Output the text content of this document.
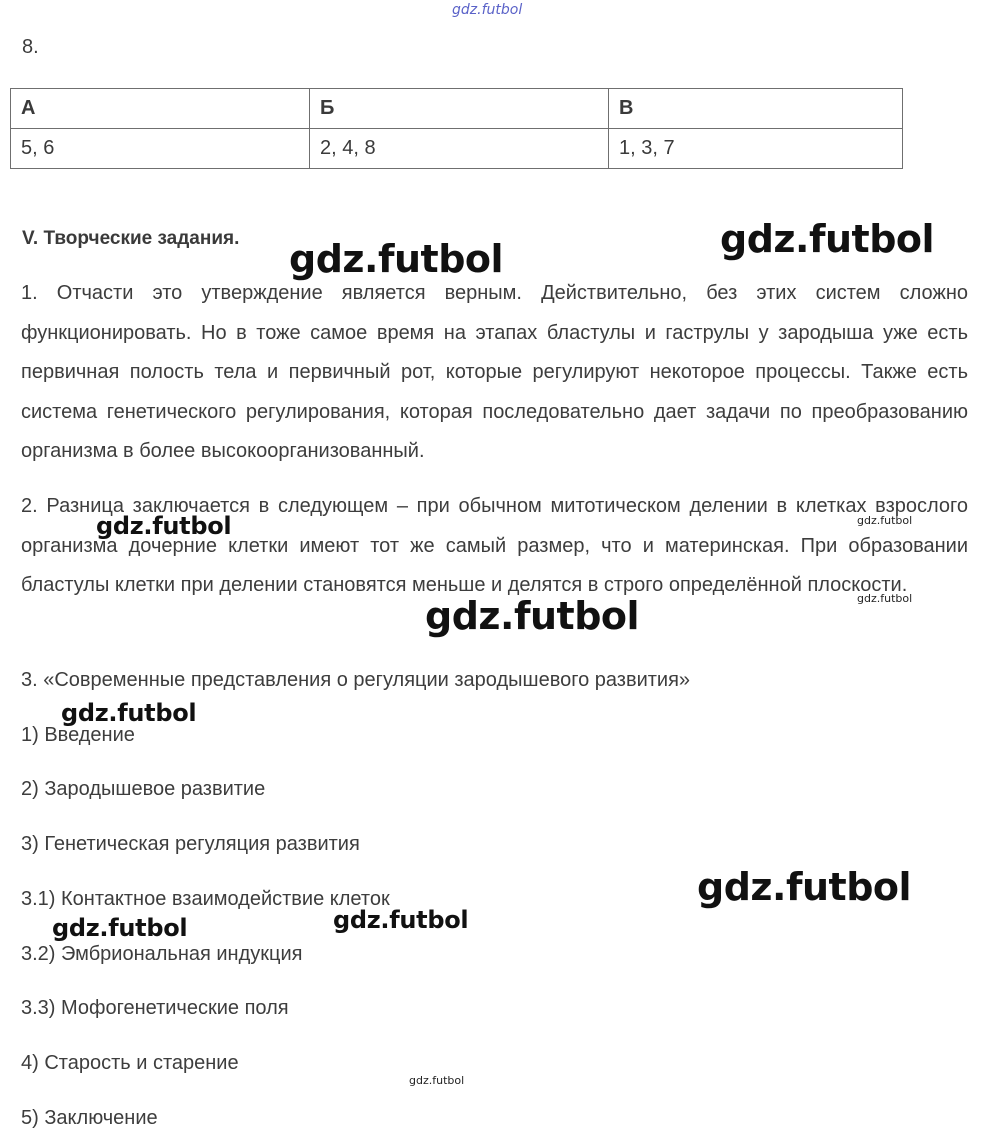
gdz.futbol
8.
А	Б	В
5, 6	2, 4, 8	1, 3, 7
V. Творческие задания.
1. Отчасти это утверждение является верным. Действительно, без этих систем сложно функционировать. Но в тоже самое время на этапах бластулы и гаструлы у зародыша уже есть первичная полость тела и первичный рот, которые регулируют некоторое процессы. Также есть система генетического регулирования, которая последовательно дает задачи по преобразованию организма в более высокоорганизованный.
2. Разница заключается в следующем – при обычном митотическом делении в клетках взрослого организма дочерние клетки имеют тот же самый размер, что и материнская. При образовании бластулы клетки при делении становятся меньше и делятся в строго определённой плоскости.
3. «Современные представления о регуляции зародышевого развития»
1) Введение
2) Зародышевое развитие
3) Генетическая регуляция развития
3.1) Контактное взаимодействие клеток
3.2) Эмбриональная индукция
3.3) Мофогенетические поля
4) Старость и старение
5) Заключение
gdz.futbol	gdz.futbol
gdz.futbol	gdz.futbol
gdz.futbol
gdz.futbol
gdz.futbol
gdz.futbol
gdz.futbol
gdz.futbol
gdz.futbol
